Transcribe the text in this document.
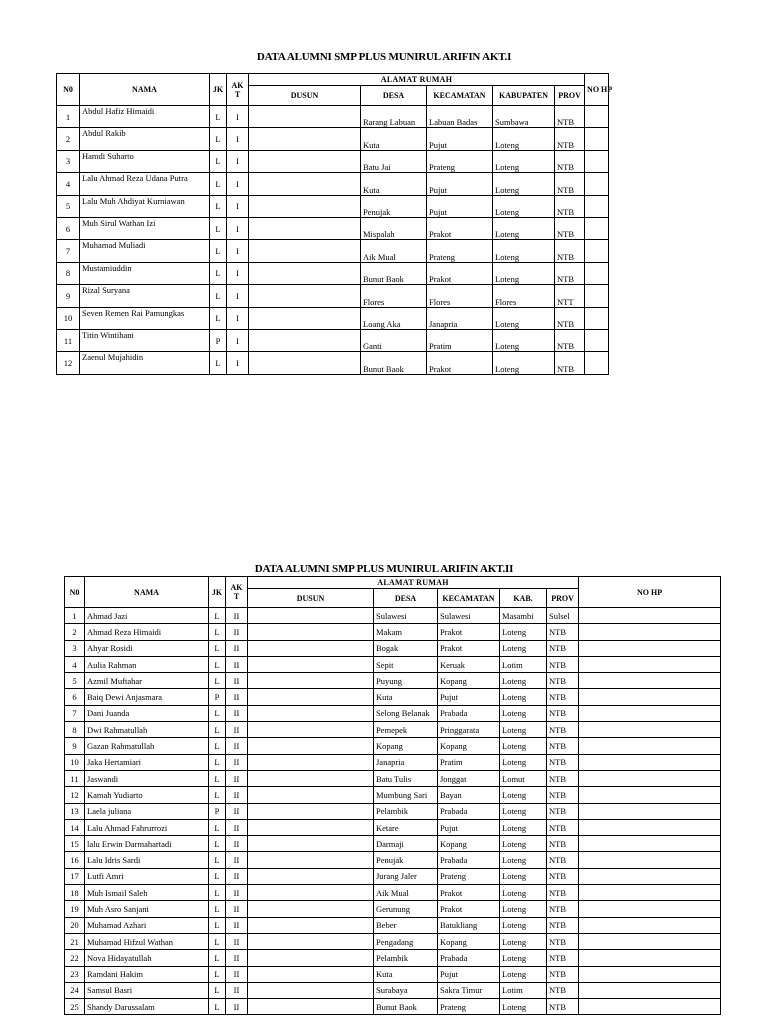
DATA ALUMNI SMP PLUS MUNIRUL ARIFIN AKT.I
N0	NAMA	JK	AK T	ALAMAT RUMAH					NO HP
				DUSUN	DESA	KECAMATAN	KABUPATEN	PROV	
1	Abdul Hafiz Himaidi	L	I		Rarang Labuan	Labuan Badas	Sumbawa	NTB	
2	Abdul Rakib	L	I		Kuta	Pujut	Loteng	NTB	
3	Hamdi Suharto	L	I		Batu Jai	Prateng	Loteng	NTB	
4	Lalu Ahmad Reza Udana Putra	L	I		Kuta	Pujut	Loteng	NTB	
5	Lalu Muh Ahdiyat Kurniawan	L	I		Penujak	Pujut	Loteng	NTB	
6	Muh Sirul Wathan Izi	L	I		Mispalah	Prakot	Loteng	NTB	
7	Muhamad Muliadi	L	I		Aik Mual	Prateng	Loteng	NTB	
8	Mustamiuddin	L	I		Bunut Baok	Prakot	Loteng	NTB	
9	Rizal Suryana	L	I		Flores	Flores	Flores	NTT	
10	Seven Remen Rai Pamungkas	L	I		Loang Aka	Janapria	Loteng	NTB	
11	Titin Wintihani	P	I		Ganti	Pratim	Loteng	NTB	
12	Zaenul Mujahidin	L	I		Bunut Baok	Prakot	Loteng	NTB	
DATA ALUMNI SMP PLUS MUNIRUL ARIFIN AKT.II
N0	NAMA	JK	AK T	ALAMAT RUMAH					NO HP
				DUSUN	DESA	KECAMATAN	KAB.	PROV	
1	Ahmad Jazi	L	II		Sulawesi	Sulawesi	Masambi	Sulsel	
2	Ahmad Reza Himaidi	L	II		Makam	Prakot	Loteng	NTB	
3	Ahyar Rosidi	L	II		Bogak	Prakot	Loteng	NTB	
4	Aulia Rahman	L	II		Sepit	Keruak	Lotim	NTB	
5	Azmil Muftahar	L	II		Puyung	Kopang	Loteng	NTB	
6	Baiq Dewi Anjasmara	P	II		Kuta	Pujut	Loteng	NTB	
7	Dani Juanda	L	II		Selong Belanak	Prabada	Loteng	NTB	
8	Dwi Rahmatullah	L	II		Pemepek	Pringgarata	Loteng	NTB	
9	Gazan Rahmatullah	L	II		Kopang	Kopang	Loteng	NTB	
10	Jaka Hertamiari	L	II		Janapria	Pratim	Loteng	NTB	
11	Jaswandi	L	II		Batu Tulis	Jonggat	Lomut	NTB	
12	Kamah Yudiarto	L	II		Mumbung Sari	Bayan	Loteng	NTB	
13	Laela juliana	P	II		Pelambik	Prabada	Loteng	NTB	
14	Lalu Ahmad Fahrurrozi	L	II		Ketare	Pujut	Loteng	NTB	
15	lalu Erwin Darmahartadi	L	II		Darmaji	Kopang	Loteng	NTB	
16	Lalu Idris Sardi	L	II		Penujak	Prabada	Loteng	NTB	
17	Lutfi Amri	L	II		Jurang Jaler	Prateng	Loteng	NTB	
18	Muh Ismail Saleh	L	II		Aik Mual	Prakot	Loteng	NTB	
19	Muh Asro Sanjani	L	II		Gerunung	Prakot	Loteng	NTB	
20	Muhamad Azhari	L	II		Beber	Batukliang	Loteng	NTB	
21	Muhamad Hifzul Wathan	L	II		Pengadang	Kopang	Loteng	NTB	
22	Nova Hidayatullah	L	II		Pelambik	Prabada	Loteng	NTB	
23	Ramdani Hakim	L	II		Kuta	Pujut	Loteng	NTB	
24	Samsul Basri	L	II		Surabaya	Sakra Timur	Lotim	NTB	
25	Shandy Darussalam	L	II		Bunut Baok	Prateng	Loteng	NTB	
